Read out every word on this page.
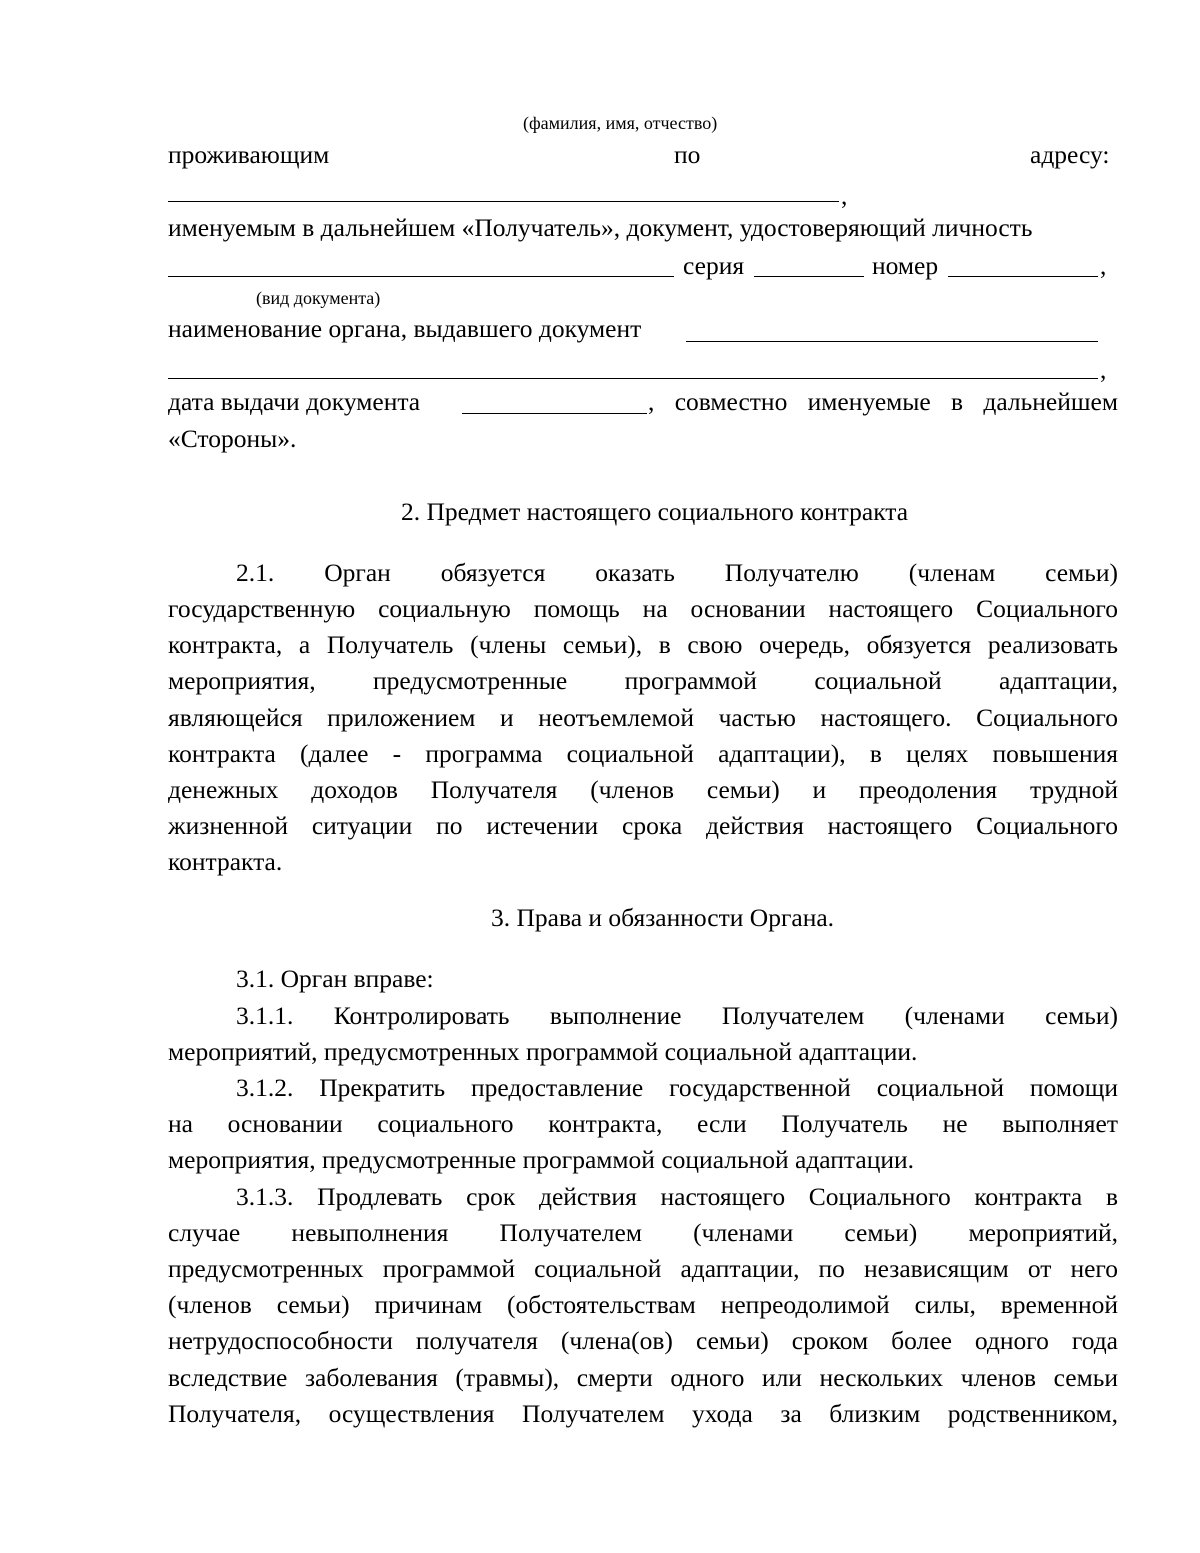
(фамилия, имя, отчество)
проживающим	по	адресу:
,
именуемым в дальнейшем «Получатель», документ, удостоверяющий личность
серия	номер	,
(вид документа)
наименование органа, выдавшего документ
,
дата выдачи документа	, совместно именуемые в дальнейшем
«Стороны».
2. Предмет настоящего социального контракта
2.1. Орган обязуется оказать Получателю (членам семьи)
государственную социальную помощь на основании настоящего Социального
контракта, а Получатель (члены семьи), в свою очередь, обязуется реализовать
мероприятия, предусмотренные программой социальной адаптации,
являющейся приложением и неотъемлемой частью настоящего. Социального
контракта (далее - программа социальной адаптации), в целях повышения
денежных доходов Получателя (членов семьи) и преодоления трудной
жизненной ситуации по истечении срока действия настоящего Социального
контракта.
3. Права и обязанности Органа.
3.1. Орган вправе:
3.1.1. Контролировать выполнение Получателем (членами семьи)
мероприятий, предусмотренных программой социальной адаптации.
3.1.2. Прекратить предоставление государственной социальной помощи
на основании социального контракта, если Получатель не выполняет
мероприятия, предусмотренные программой социальной адаптации.
3.1.3. Продлевать срок действия настоящего Социального контракта в
случае невыполнения Получателем (членами семьи) мероприятий,
предусмотренных программой социальной адаптации, по независящим от него
(членов семьи) причинам (обстоятельствам непреодолимой силы, временной
нетрудоспособности получателя (члена(ов) семьи) сроком более одного года
вследствие заболевания (травмы), смерти одного или нескольких членов семьи
Получателя, осуществления Получателем ухода за близким родственником,
